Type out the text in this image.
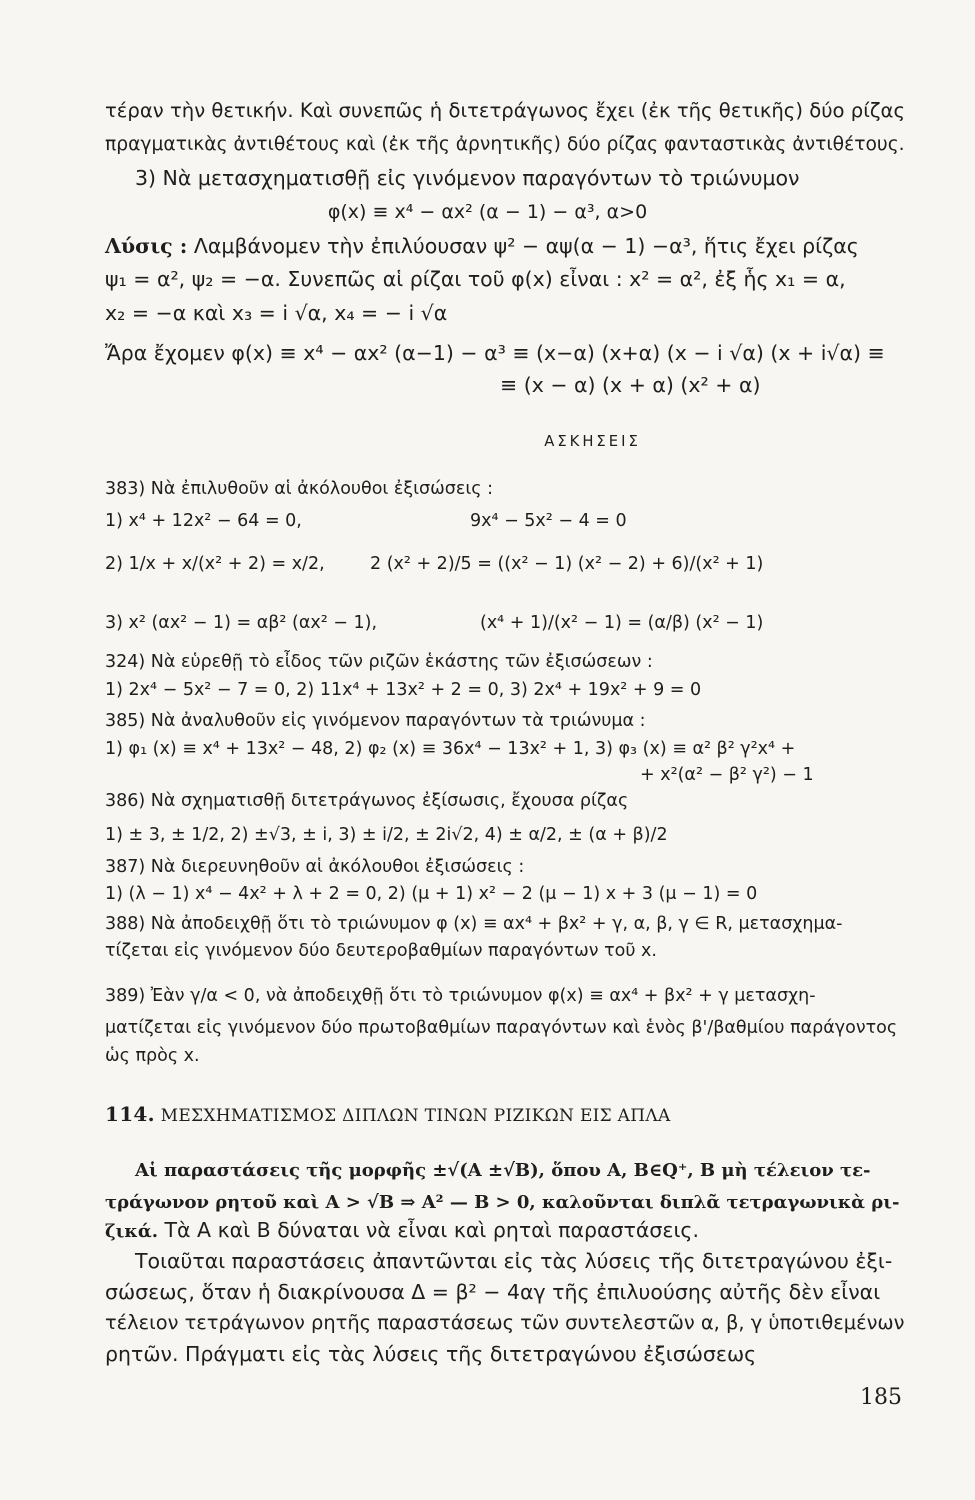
τέραν τὴν θετικήν. Καὶ συνεπῶς ἡ διτετράγωνος ἔχει (ἐκ τῆς θετικῆς) δύο ρίζας
πραγματικὰς ἀντιθέτους καὶ (ἐκ τῆς ἀρνητικῆς) δύο ρίζας φανταστικὰς ἀντιθέτους.
3) Νὰ μετασχηματισθῇ εἰς γινόμενον παραγόντων τὸ τριώνυμον
φ(x) ≡ x⁴ − αx² (α − 1) − α³, α>0
Λύσις : Λαμβάνομεν τὴν ἐπιλύουσαν ψ² − αψ(α − 1) −α³, ἥτις ἔχει ρίζας
ψ₁ = α², ψ₂ = −α. Συνεπῶς αἱ ρίζαι τοῦ φ(x) εἶναι : x² = α², ἐξ ἧς x₁ = α,
x₂ = −α καὶ x₃ = i √α, x₄ = − i √α
Ἄρα ἔχομεν φ(x) ≡ x⁴ − αx² (α−1) − α³ ≡ (x−α) (x+α) (x − i √α) (x + i√α) ≡
≡ (x − α) (x + α) (x² + α)
ΑΣΚΗΣΕΙΣ
383) Νὰ ἐπιλυθοῦν αἱ ἀκόλουθοι ἐξισώσεις :
1) x⁴ + 12x² − 64 = 0,	9x⁴ − 5x² − 4 = 0
2) 1/x + x/(x² + 2) = x/2,	2 (x² + 2)/5 = ((x² − 1) (x² − 2) + 6)/(x² + 1)
3) x² (αx² − 1) = αβ² (αx² − 1),	(x⁴ + 1)/(x² − 1) = (α/β) (x² − 1)
324) Νὰ εὑρεθῇ τὸ εἶδος τῶν ριζῶν ἑκάστης τῶν ἐξισώσεων :
1) 2x⁴ − 5x² − 7 = 0, 2) 11x⁴ + 13x² + 2 = 0, 3) 2x⁴ + 19x² + 9 = 0
385) Νὰ ἀναλυθοῦν εἰς γινόμενον παραγόντων τὰ τριώνυμα :
1) φ₁ (x) ≡ x⁴ + 13x² − 48, 2) φ₂ (x) ≡ 36x⁴ − 13x² + 1, 3) φ₃ (x) ≡ α² β² γ²x⁴ +
+ x²(α² − β² γ²) − 1
386) Νὰ σχηματισθῇ διτετράγωνος ἐξίσωσις, ἔχουσα ρίζας
1) ± 3, ± 1/2, 2) ±√3, ± i, 3) ± i/2, ± 2i√2, 4) ± α/2, ± (α + β)/2
387) Νὰ διερευνηθοῦν αἱ ἀκόλουθοι ἐξισώσεις :
1) (λ − 1) x⁴ − 4x² + λ + 2 = 0, 2) (μ + 1) x² − 2 (μ − 1) x + 3 (μ − 1) = 0
388) Νὰ ἀποδειχθῇ ὅτι τὸ τριώνυμον φ (x) ≡ αx⁴ + βx² + γ, α, β, γ ∈ R, μετασχημα-
τίζεται εἰς γινόμενον δύο δευτεροβαθμίων παραγόντων τοῦ x.
389) Ἐὰν γ/α < 0, νὰ ἀποδειχθῇ ὅτι τὸ τριώνυμον φ(x) ≡ αx⁴ + βx² + γ μετασχη-
ματίζεται εἰς γινόμενον δύο πρωτοβαθμίων παραγόντων καὶ ἑνὸς β'/βαθμίου παράγοντος
ὡς πρὸς x.
114. ΜΕΣΧΗΜΑΤΙΣΜΟΣ ΔΙΠΛΩΝ ΤΙΝΩΝ ΡΙΖΙΚΩΝ ΕΙΣ ΑΠΛΑ
Αἱ παραστάσεις τῆς μορφῆς ±√(A ±√B), ὅπου A, B∈Q⁺, B μὴ τέλειον τε-
τράγωνον ρητοῦ καὶ A > √B ⇒ A² — B > 0, καλοῦνται διπλᾶ τετραγωνικὰ ρι-
ζικά. Τὰ A καὶ B δύναται νὰ εἶναι καὶ ρηταὶ παραστάσεις.
Τοιαῦται παραστάσεις ἀπαντῶνται εἰς τὰς λύσεις τῆς διτετραγώνου ἐξι-
σώσεως, ὅταν ἡ διακρίνουσα Δ = β² − 4αγ τῆς ἐπιλυούσης αὐτῆς δὲν εἶναι
τέλειον τετράγωνον ρητῆς παραστάσεως τῶν συντελεστῶν α, β, γ ὑποτιθεμένων
ρητῶν. Πράγματι εἰς τὰς λύσεις τῆς διτετραγώνου ἐξισώσεως
185
